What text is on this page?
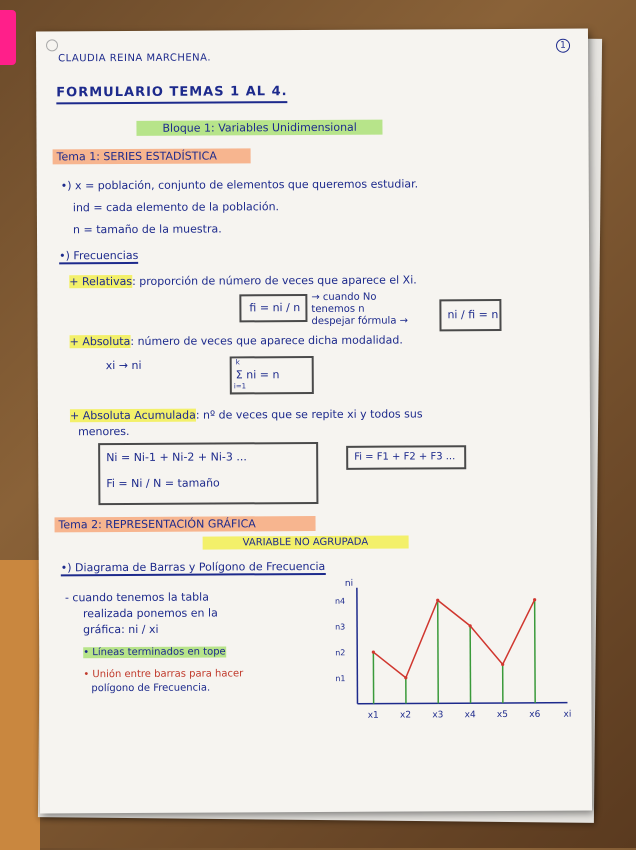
1
CLAUDIA REINA MARCHENA.
FORMULARIO TEMAS 1 AL 4.
Bloque 1: Variables Unidimensional
Tema 1: SERIES ESTADÍSTICA
•) x = población, conjunto de elementos que queremos estudiar.
ind = cada elemento de la población.
n = tamaño de la muestra.
•) Frecuencias
+ Relativas: proporción de número de veces que aparece el Xi.
fi = ni / n
→ cuando No
tenemos n
despejar fórmula →	ni / fi = n
+ Absoluta: número de veces que aparece dicha modalidad.
xi → ni	k
Σ ni = n
i=1
+ Absoluta Acumulada: nº de veces que se repite xi y todos sus
menores.
Ni = Ni-1 + Ni-2 + Ni-3 ...
Fi = Ni / N = tamaño
Fi = F1 + F2 + F3 ...
Tema 2: REPRESENTACIÓN GRÁFICA
VARIABLE NO AGRUPADA
•) Diagrama de Barras y Polígono de Frecuencia
- cuando tenemos la tabla
realizada ponemos en la
gráfica: ni / xi
• Líneas terminados en tope
• Unión entre barras para hacer
polígono de Frecuencia.
ni
xi
n1
n2
n3
n4
x1 x2 x3 x4 x5 x6
